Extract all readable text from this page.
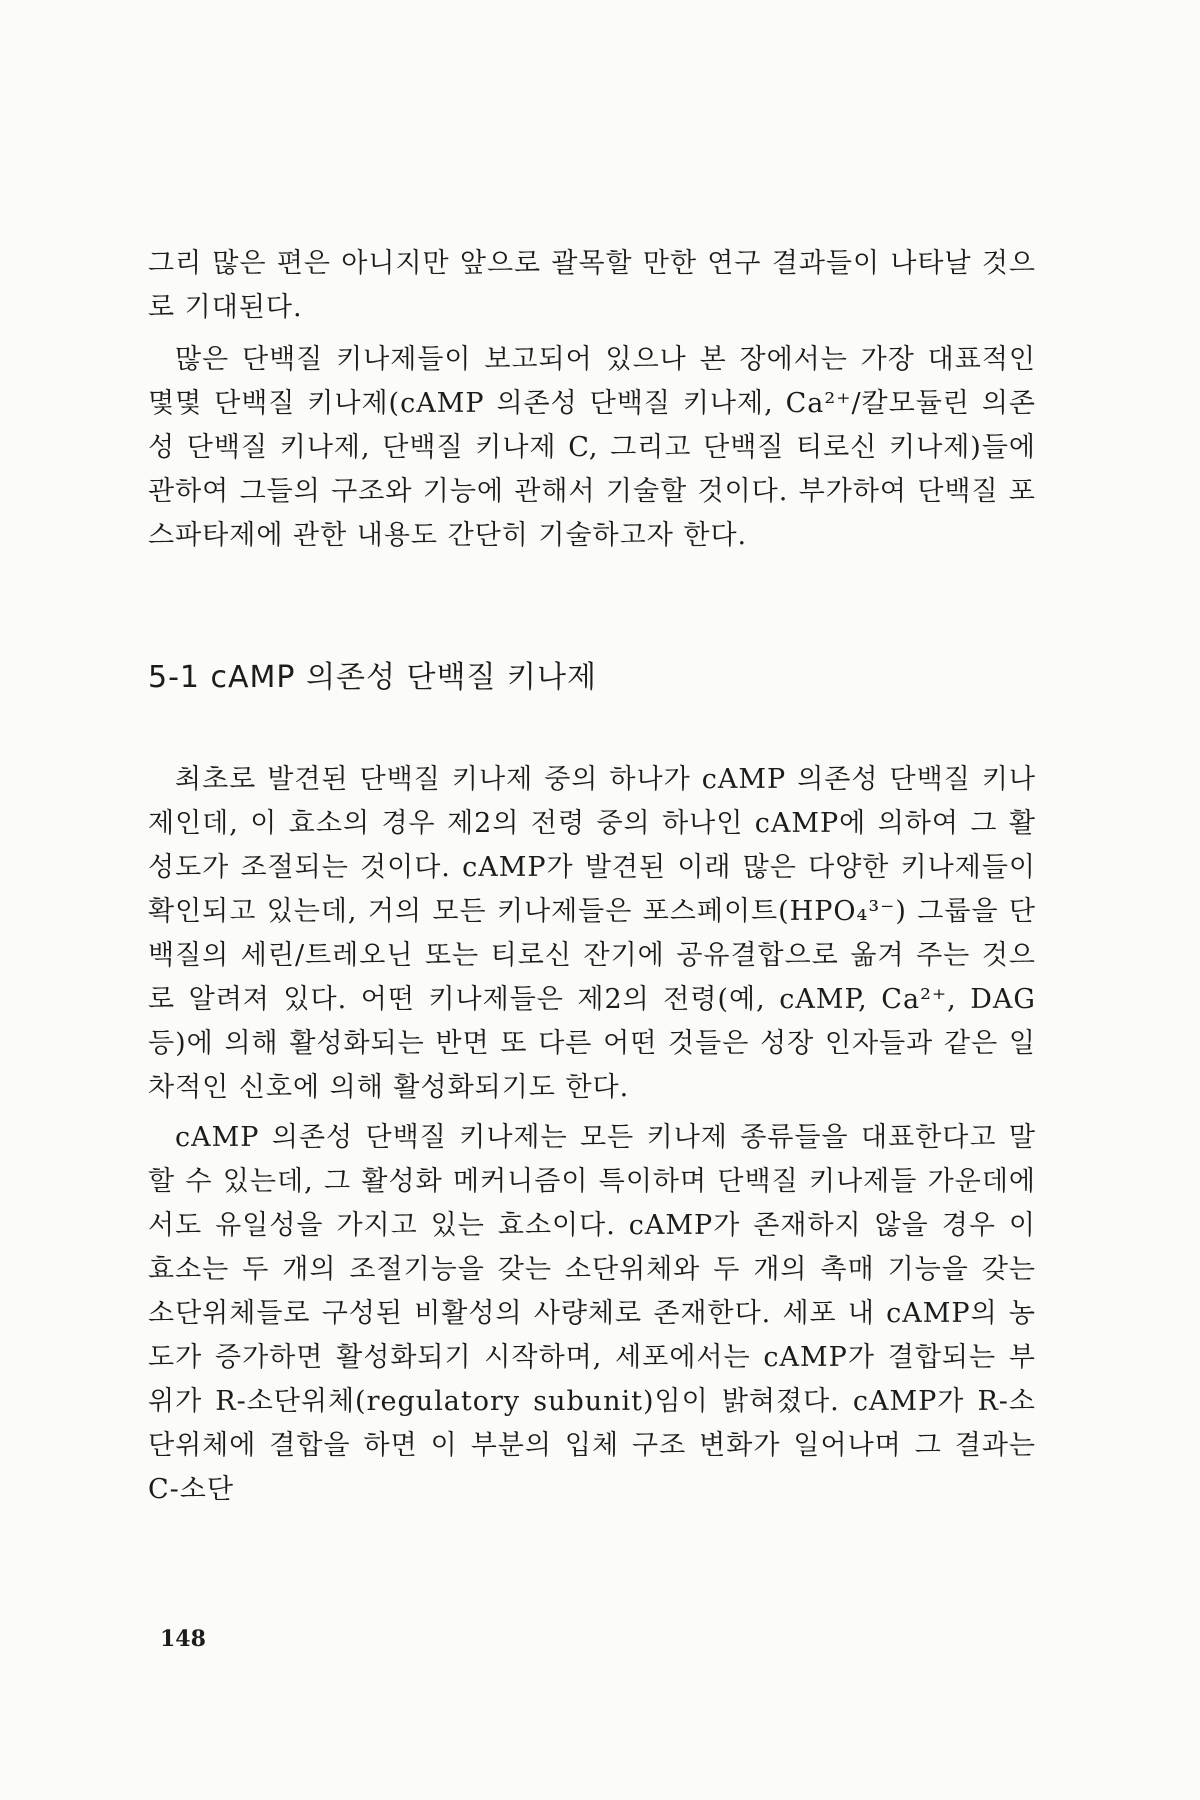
그리 많은 편은 아니지만 앞으로 괄목할 만한 연구 결과들이 나타날 것으로 기대된다.

많은 단백질 키나제들이 보고되어 있으나 본 장에서는 가장 대표적인 몇몇 단백질 키나제(cAMP 의존성 단백질 키나제, Ca²⁺/칼모듈린 의존성 단백질 키나제, 단백질 키나제 C, 그리고 단백질 티로신 키나제)들에 관하여 그들의 구조와 기능에 관해서 기술할 것이다. 부가하여 단백질 포스파타제에 관한 내용도 간단히 기술하고자 한다.

5-1 cAMP 의존성 단백질 키나제

최초로 발견된 단백질 키나제 중의 하나가 cAMP 의존성 단백질 키나제인데, 이 효소의 경우 제2의 전령 중의 하나인 cAMP에 의하여 그 활성도가 조절되는 것이다. cAMP가 발견된 이래 많은 다양한 키나제들이 확인되고 있는데, 거의 모든 키나제들은 포스페이트(HPO₄³⁻) 그룹을 단백질의 세린/트레오닌 또는 티로신 잔기에 공유결합으로 옮겨 주는 것으로 알려져 있다. 어떤 키나제들은 제2의 전령(예, cAMP, Ca²⁺, DAG 등)에 의해 활성화되는 반면 또 다른 어떤 것들은 성장 인자들과 같은 일차적인 신호에 의해 활성화되기도 한다.

cAMP 의존성 단백질 키나제는 모든 키나제 종류들을 대표한다고 말할 수 있는데, 그 활성화 메커니즘이 특이하며 단백질 키나제들 가운데에서도 유일성을 가지고 있는 효소이다. cAMP가 존재하지 않을 경우 이 효소는 두 개의 조절기능을 갖는 소단위체와 두 개의 촉매 기능을 갖는 소단위체들로 구성된 비활성의 사량체로 존재한다. 세포 내 cAMP의 농도가 증가하면 활성화되기 시작하며, 세포에서는 cAMP가 결합되는 부위가 R-소단위체(regulatory subunit)임이 밝혀졌다. cAMP가 R-소단위체에 결합을 하면 이 부분의 입체 구조 변화가 일어나며 그 결과는 C-소단

148
